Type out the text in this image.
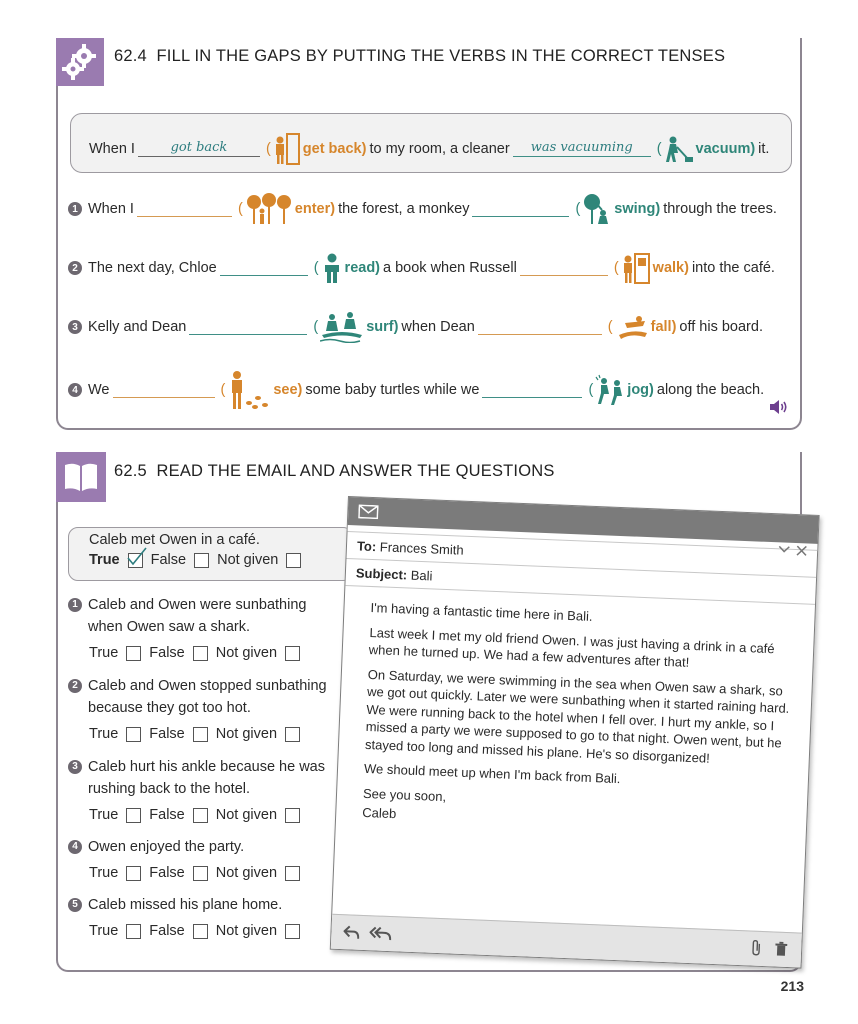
62.4 FILL IN THE GAPS BY PUTTING THE VERBS IN THE CORRECT TENSES
When I	got back	( get back) to my room, a cleaner	was vacuuming	( vacuum) it.
1 When I	(	enter) the forest, a monkey	( swing) through the trees.
2 The next day, Chloe	( read) a book when Russell	( walk) into the café.
3 Kelly and Dean	(	surf) when Dean	(	fall) off his board.
4 We	(	see) some baby turtles while we	( jog) along the beach.
62.5 READ THE EMAIL AND ANSWER THE QUESTIONS
Caleb met Owen in a café.
True False Not given
1 Caleb and Owen were sunbathing
when Owen saw a shark.
True False Not given
2 Caleb and Owen stopped sunbathing
because they got too hot.
True False Not given
3 Caleb hurt his ankle because he was
rushing back to the hotel.
True False Not given
4 Owen enjoyed the party.
True False Not given
5 Caleb missed his plane home.
True False Not given
To:
Frances Smith
Subject:
Bali

I'm having a fantastic time here in Bali.

Last week I met my old friend Owen. I was just having a drink in a café when he turned up. We had a few adventures after that!

On Saturday, we were swimming in the sea when Owen saw a shark, so we got out quickly. Later we were sunbathing when it started raining hard. We were running back to the hotel when I fell over. I hurt my ankle, so I missed a party we were supposed to go to that night. Owen went, but he stayed too long and missed his plane. He's so disorganized!

We should meet up when I'm back from Bali.

See you soon,

Caleb

213
